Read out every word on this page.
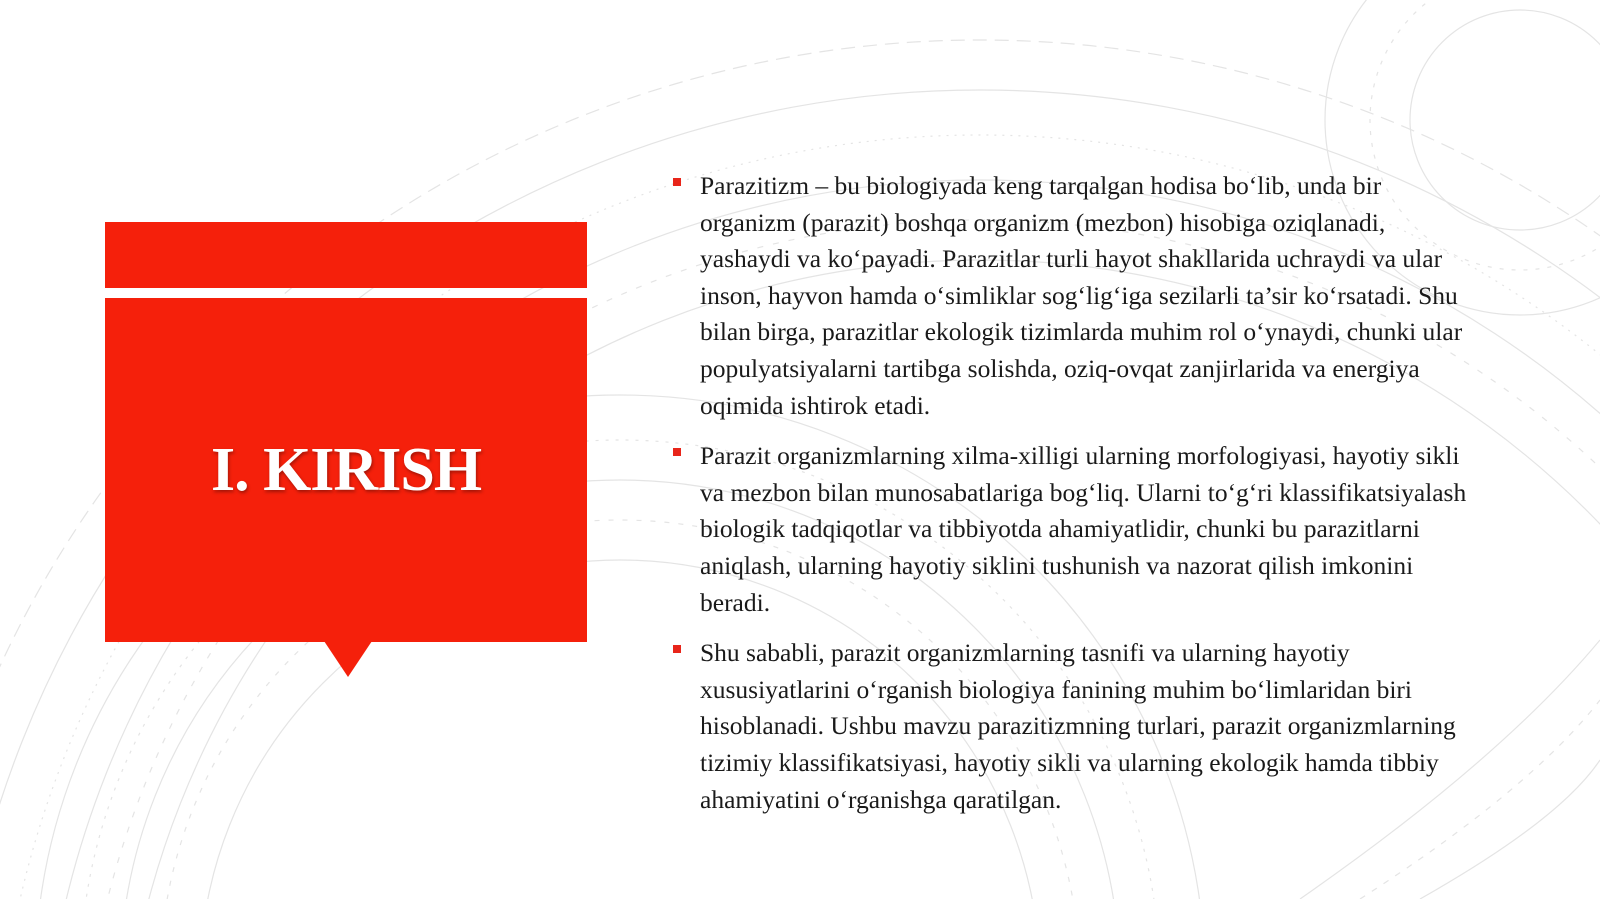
I. KIRISH

Parazitizm – bu biologiyada keng tarqalgan hodisa bo‘lib, unda bir organizm (parazit) boshqa organizm (mezbon) hisobiga oziqlanadi, yashaydi va ko‘payadi. Parazitlar turli hayot shakllarida uchraydi va ular inson, hayvon hamda o‘simliklar sog‘lig‘iga sezilarli ta’sir ko‘rsatadi. Shu bilan birga, parazitlar ekologik tizimlarda muhim rol o‘ynaydi, chunki ular populyatsiyalarni tartibga solishda, oziq-ovqat zanjirlarida va energiya oqimida ishtirok etadi.

Parazit organizmlarning xilma-xilligi ularning morfologiyasi, hayotiy sikli va mezbon bilan munosabatlariga bog‘liq. Ularni to‘g‘ri klassifikatsiyalash biologik tadqiqotlar va tibbiyotda ahamiyatlidir, chunki bu parazitlarni aniqlash, ularning hayotiy siklini tushunish va nazorat qilish imkonini beradi.

Shu sababli, parazit organizmlarning tasnifi va ularning hayotiy xususiyatlarini o‘rganish biologiya fanining muhim bo‘limlaridan biri hisoblanadi. Ushbu mavzu parazitizmning turlari, parazit organizmlarning tizimiy klassifikatsiyasi, hayotiy sikli va ularning ekologik hamda tibbiy ahamiyatini o‘rganishga qaratilgan.
